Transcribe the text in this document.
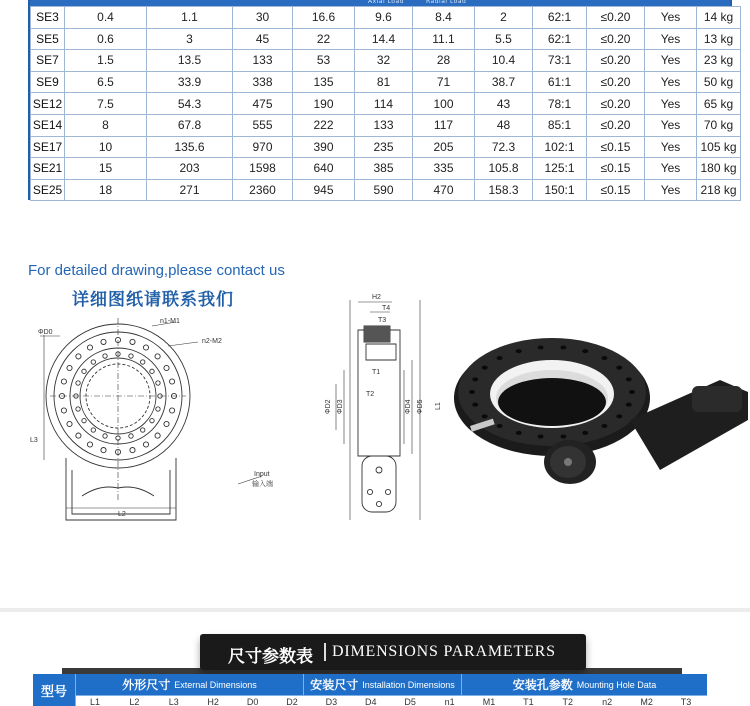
Axial Load	Radial Load
SE3	0.4	1.1	30	16.6	9.6	8.4	2	62:1	≤0.20	Yes	14 kg
SE5	0.6	3	45	22	14.4	11.1	5.5	62:1	≤0.20	Yes	13 kg
SE7	1.5	13.5	133	53	32	28	10.4	73:1	≤0.20	Yes	23 kg
SE9	6.5	33.9	338	135	81	71	38.7	61:1	≤0.20	Yes	50 kg
SE12	7.5	54.3	475	190	114	100	43	78:1	≤0.20	Yes	65 kg
SE14	8	67.8	555	222	133	117	48	85:1	≤0.20	Yes	70 kg
SE17	10	135.6	970	390	235	205	72.3	102:1	≤0.15	Yes	105 kg
SE21	15	203	1598	640	385	335	105.8	125:1	≤0.15	Yes	180 kg
SE25	18	271	2360	945	590	470	158.3	150:1	≤0.15	Yes	218 kg
For detailed drawing,please contact us
详细图纸请联系我们
ΦD0
n1-M1
n2-M2
L3
L2
Input
输入端
H2
T4
T3
T1
T2
ΦD2 ΦD3	ΦD4 ΦD5 L1
尺寸参数表 DIMENSIONS PARAMETERS
型号	外形尺寸 External Dimensions	安装尺寸 Installation Dimensions	安装孔参数 Mounting Hole Data
L1	L2	L3	H2	D0	D2	D3	D4	D5	n1	M1	T1	T2	n2	M2	T3
